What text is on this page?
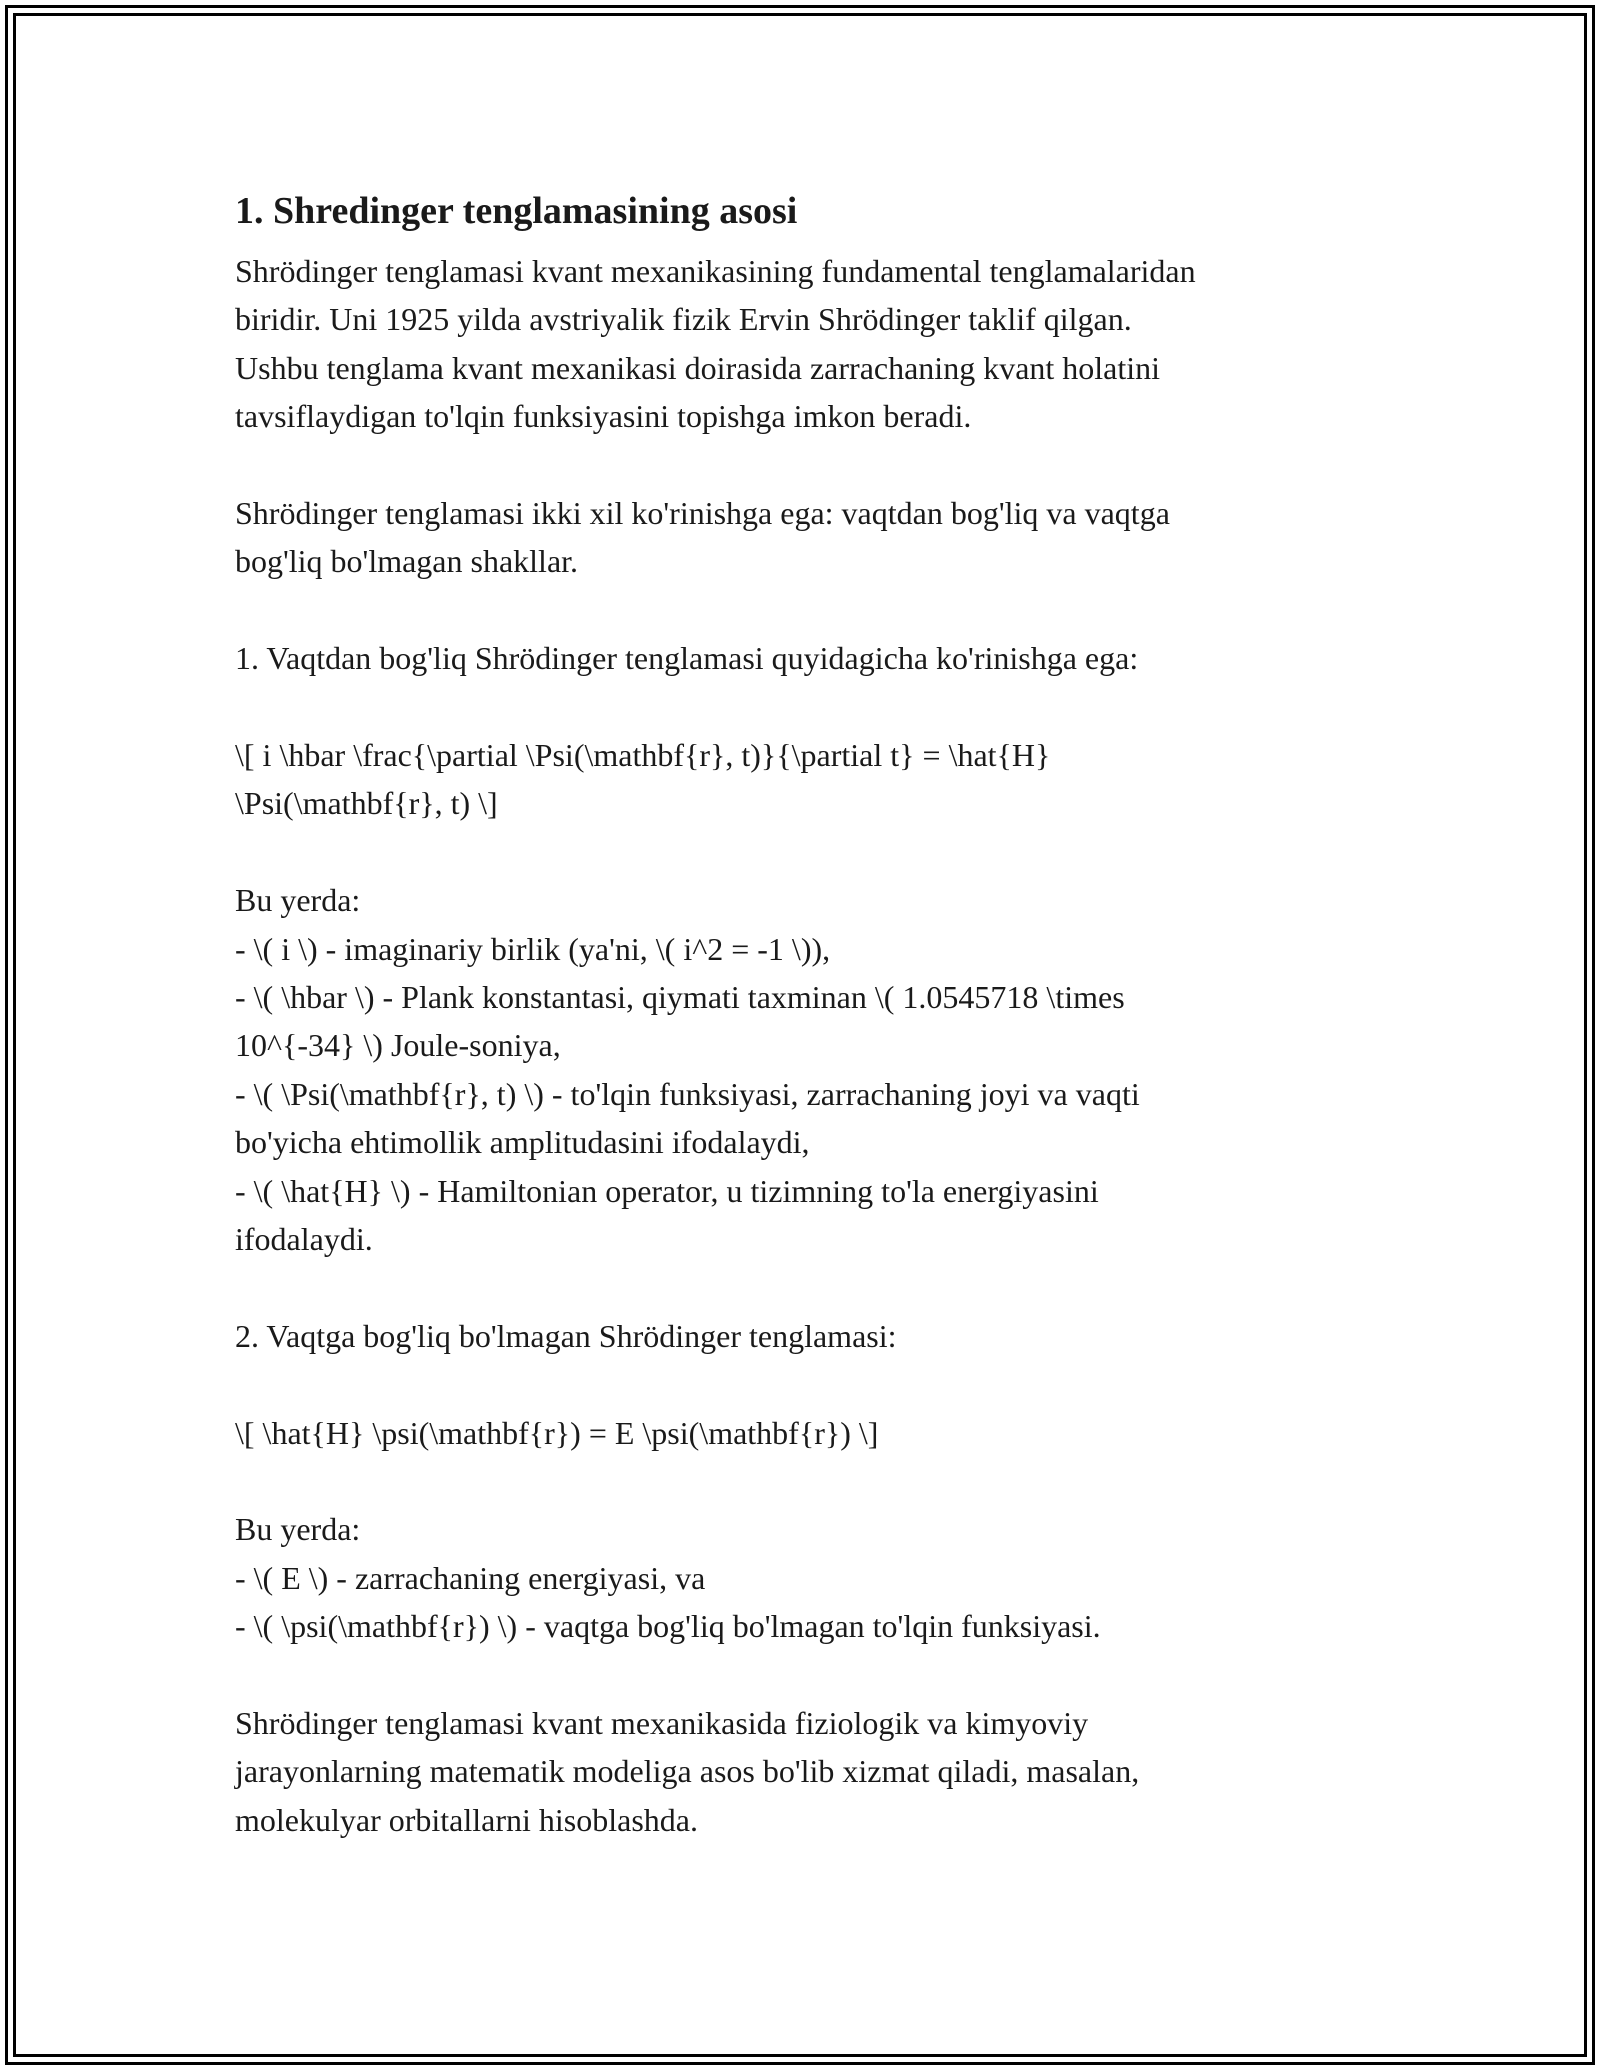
1. Shredinger tenglamasining asosi
Shrödinger tenglamasi kvant mexanikasining fundamental tenglamalaridan
biridir. Uni 1925 yilda avstriyalik fizik Ervin Shrödinger taklif qilgan.
Ushbu tenglama kvant mexanikasi doirasida zarrachaning kvant holatini
tavsiflaydigan to'lqin funksiyasini topishga imkon beradi.
Shrödinger tenglamasi ikki xil ko'rinishga ega: vaqtdan bog'liq va vaqtga
bog'liq bo'lmagan shakllar.
1. Vaqtdan bog'liq Shrödinger tenglamasi quyidagicha ko'rinishga ega:
\[ i \hbar \frac{\partial \Psi(\mathbf{r}, t)}{\partial t} = \hat{H}
\Psi(\mathbf{r}, t) \]
Bu yerda:
- \( i \) - imaginariy birlik (ya'ni, \( i^2 = -1 \)),
- \( \hbar \) - Plank konstantasi, qiymati taxminan \( 1.0545718 \times
10^{-34} \) Joule-soniya,
- \( \Psi(\mathbf{r}, t) \) - to'lqin funksiyasi, zarrachaning joyi va vaqti
bo'yicha ehtimollik amplitudasini ifodalaydi,
- \( \hat{H} \) - Hamiltonian operator, u tizimning to'la energiyasini
ifodalaydi.
2. Vaqtga bog'liq bo'lmagan Shrödinger tenglamasi:
\[ \hat{H} \psi(\mathbf{r}) = E \psi(\mathbf{r}) \]
Bu yerda:
- \( E \) - zarrachaning energiyasi, va
- \( \psi(\mathbf{r}) \) - vaqtga bog'liq bo'lmagan to'lqin funksiyasi.
Shrödinger tenglamasi kvant mexanikasida fiziologik va kimyoviy
jarayonlarning matematik modeliga asos bo'lib xizmat qiladi, masalan,
molekulyar orbitallarni hisoblashda.
